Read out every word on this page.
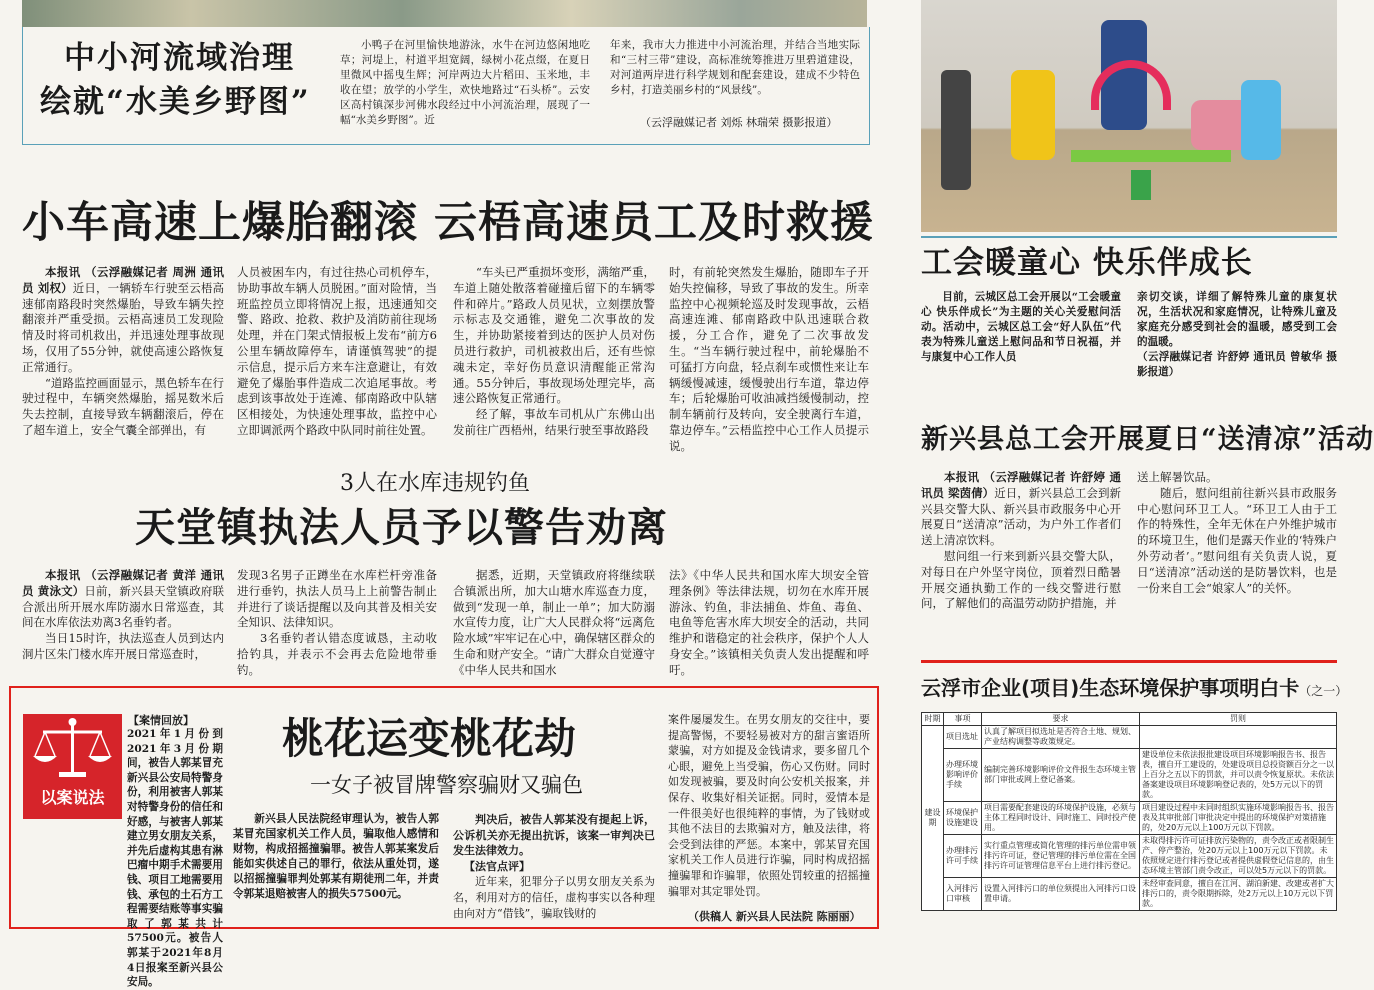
中小河流域治理
绘就“水美乡野图”

小鸭子在河里愉快地游泳，水牛在河边悠闲地吃草；河堤上，村道平坦宽阔，绿树小花点缀，在夏日里微风中摇曳生辉；河岸两边大片稻田、玉米地，丰收在望；放学的小学生，欢快地路过“石头桥”。云安区高村镇深步河佛水段经过中小河流治理，展现了一幅“水美乡野图”。近

年来，我市大力推进中小河流治理，并结合当地实际和“三村三带”建设，高标准统筹推进万里碧道建设，对河道两岸进行科学规划和配套建设，建成不少特色乡村，打造美丽乡村的“风景线”。

（云浮融媒记者 刘烁 林瑞荣 摄影报道）
小车高速上爆胎翻滚 云梧高速员工及时救援

本报讯 （云浮融媒记者 周洲 通讯员 刘权）近日，一辆轿车行驶至云梧高速郁南路段时突然爆胎，导致车辆失控翻滚并严重受损。云梧高速员工发现险情及时将司机救出，并迅速处理事故现场，仅用了55分钟，就使高速公路恢复正常通行。

“道路监控画面显示，黑色轿车在行驶过程中，车辆突然爆胎，摇晃数米后失去控制，直接导致车辆翻滚后，停在了超车道上，安全气囊全部弹出，有

人员被困车内，有过往热心司机停车，协助事故车辆人员脱困。”面对险情，当班监控员立即将情况上报，迅速通知交警、路政、抢救、救护及消防前往现场处理，并在门架式情报板上发布“前方6公里车辆故障停车，请谨慎驾驶”的提示信息，提示后方来车注意避让，有效避免了爆胎事件造成二次追尾事故。考虑到该事故处于连滩、郁南路政中队辖区相接处，为快速处理事故，监控中心立即调派两个路政中队同时前往处置。

“车头已严重损坏变形，满缩严重，车道上随处散落着碰撞后留下的车辆零件和碎片。”路政人员见状，立刻摆放警示标志及交通锥，避免二次事故的发生，并协助紧接着到达的医护人员对伤员进行救护，司机被救出后，还有些惊魂未定，幸好伤员意识清醒能正常沟通。55分钟后，事故现场处理完毕，高速公路恢复正常通行。

经了解，事故车司机从广东佛山出发前往广西梧州，结果行驶至事故路段

时，有前轮突然发生爆胎，随即车子开始失控偏移，导致了事故的发生。所幸监控中心视频轮巡及时发现事故，云梧高速连滩、郁南路政中队迅速联合救援，分工合作，避免了二次事故发生。“当车辆行驶过程中，前轮爆胎不可猛打方向盘，轻点刹车或惯性来让车辆缓慢减速，缓慢驶出行车道，靠边停车；后轮爆胎可收油减挡缓慢制动，控制车辆前行及转向，安全驶离行车道，靠边停车。”云梧监控中心工作人员提示说。

3人在水库违规钓鱼
天堂镇执法人员予以警告劝离

本报讯 （云浮融媒记者 黄洋 通讯员 黄泳文）日前，新兴县天堂镇政府联合派出所开展水库防溺水日常巡查，其间在水库依法劝离3名垂钓者。

当日15时许，执法巡查人员到达内洞片区朱门楼水库开展日常巡查时，

发现3名男子正蹲坐在水库栏杆旁准备进行垂钓，执法人员马上上前警告制止并进行了谈话提醒以及向其普及相关安全知识、法律知识。

3名垂钓者认错态度诚恳，主动收拾钓具，并表示不会再去危险地带垂钓。

据悉，近期，天堂镇政府将继续联合镇派出所，加大山塘水库巡查力度，做到“发现一单，制止一单”；加大防溺水宣传力度，让广大人民群众将“远离危险水域”牢牢记在心中，确保辖区群众的生命和财产安全。“请广大群众自觉遵守《中华人民共和国水

法》《中华人民共和国水库大坝安全管理条例》等法律法规，切勿在水库开展游泳、钓鱼，非法捕鱼、炸鱼、毒鱼、电鱼等危害水库大坝安全的活动，共同维护和谐稳定的社会秩序，保护个人人身安全。”该镇相关负责人发出提醒和呼吁。

以案说法
【案情回放】

2021年1月份到2021年3月份期间，被告人郭某冒充新兴县公安局特警身份，利用被害人郭某对特警身份的信任和好感，与被害人郭某建立男女朋友关系，并先后虚构其患有淋巴瘤中期手术需要用钱、项目工地需要用钱、承包的土石方工程需要结账等事实骗取了郭某共计57500元。被告人郭某于2021年8月4日报案至新兴县公安局。

桃花运变桃花劫
一女子被冒牌警察骗财又骗色

新兴县人民法院经审理认为，被告人郭某冒充国家机关工作人员，骗取他人感情和财物，构成招摇撞骗罪。被告人郭某案发后能如实供述自己的罪行，依法从重处罚，遂以招摇撞骗罪判处郭某有期徒刑二年，并责令郭某退赔被害人的损失57500元。

判决后，被告人郭某没有提起上诉，公诉机关亦无提出抗诉，该案一审判决已发生法律效力。

【法官点评】

近年来，犯罪分子以男女朋友关系为名，利用对方的信任，虚构事实以各种理由向对方“借钱”，骗取钱财的

案件屡屡发生。在男女朋友的交往中，要提高警惕，不要轻易被对方的甜言蜜语所蒙骗，对方如提及金钱请求，要多留几个心眼，避免上当受骗，伤心又伤财。同时如发现被骗，要及时向公安机关报案，并保存、收集好相关证据。同时，爱情本是一件很美好也很纯粹的事情，为了钱财或其他不法目的去欺骗对方，触及法律，将会受到法律的严惩。本案中，郭某冒充国家机关工作人员进行诈骗，同时构成招摇撞骗罪和诈骗罪，依照处罚较重的招摇撞骗罪对其定罪处罚。

（供稿人 新兴县人民法院 陈丽丽）
工会暖童心 快乐伴成长

目前，云城区总工会开展以“工会暖童心 快乐伴成长”为主题的关心关爱慰问活动。活动中，云城区总工会“好人队伍”代表为特殊儿童送上慰问品和节日祝福，并与康复中心工作人员

亲切交谈，详细了解特殊儿童的康复状况，生活状况和家庭情况，让特殊儿童及家庭充分感受到社会的温暖，感受到工会的温暖。

（云浮融媒记者 许舒婷 通讯员 曾敏华 摄影报道）

新兴县总工会开展夏日“送清凉”活动

本报讯 （云浮融媒记者 许舒婷 通讯员 梁茵倩）近日，新兴县总工会到新兴县交警大队、新兴县市政服务中心开展夏日“送清凉”活动，为户外工作者们送上清凉饮料。

慰问组一行来到新兴县交警大队，对每日在户外坚守岗位，顶着烈日酷暑开展交通执勤工作的一线交警进行慰问，了解他们的高温劳动防护措施，并

送上解暑饮品。

随后，慰问组前往新兴县市政服务中心慰问环卫工人。“环卫工人由于工作的特殊性，全年无休在户外维护城市的环境卫生，他们是露天作业的‘特殊户外劳动者’。”慰问组有关负责人说，夏日“送清凉”活动送的是防暑饮料，也是一份来自工会“娘家人”的关怀。

云浮市企业(项目)生态环境保护事项明白卡（之一）
时期	事项	要求	罚则
建设期	项目选址	认真了解项目拟选址是否符合土地、规划、产业结构调整等政策规定。	
	办理环境影响评价手续	编制完善环境影响评价文件报生态环境主管部门审批或网上登记备案。	建设单位未依法报批建设项目环境影响报告书、报告表，擅自开工建设的，处建设项目总投资额百分之一以上百分之五以下的罚款，并可以责令恢复原状。未依法备案建设项目环境影响登记表的，处5万元以下的罚款。
	环境保护设施建设	项目需要配套建设的环境保护设施，必须与主体工程同时设计、同时施工、同时投产使用。	项目建设过程中未同时组织实施环境影响报告书、报告表及其审批部门审批决定中提出的环境保护对策措施的，处20万元以上100万元以下罚款。
	办理排污许可手续	实行重点管理或简化管理的排污单位需申领排污许可证，登记管理的排污单位需在全国排污许可证管理信息平台上进行排污登记。	未取得排污许可证排放污染物的，责令改正或者限制生产、停产整治，处20万元以上100万元以下罚款。未依照规定进行排污登记或者提供虚假登记信息的，由生态环境主管部门责令改正，可以处5万元以下的罚款。
	入河排污口审核	设置入河排污口的单位须提出入河排污口设置申请。	未经审查同意，擅自在江河、湖泊新建、改建或者扩大排污口的，责令限期拆除，处2万元以上10万元以下罚款。
